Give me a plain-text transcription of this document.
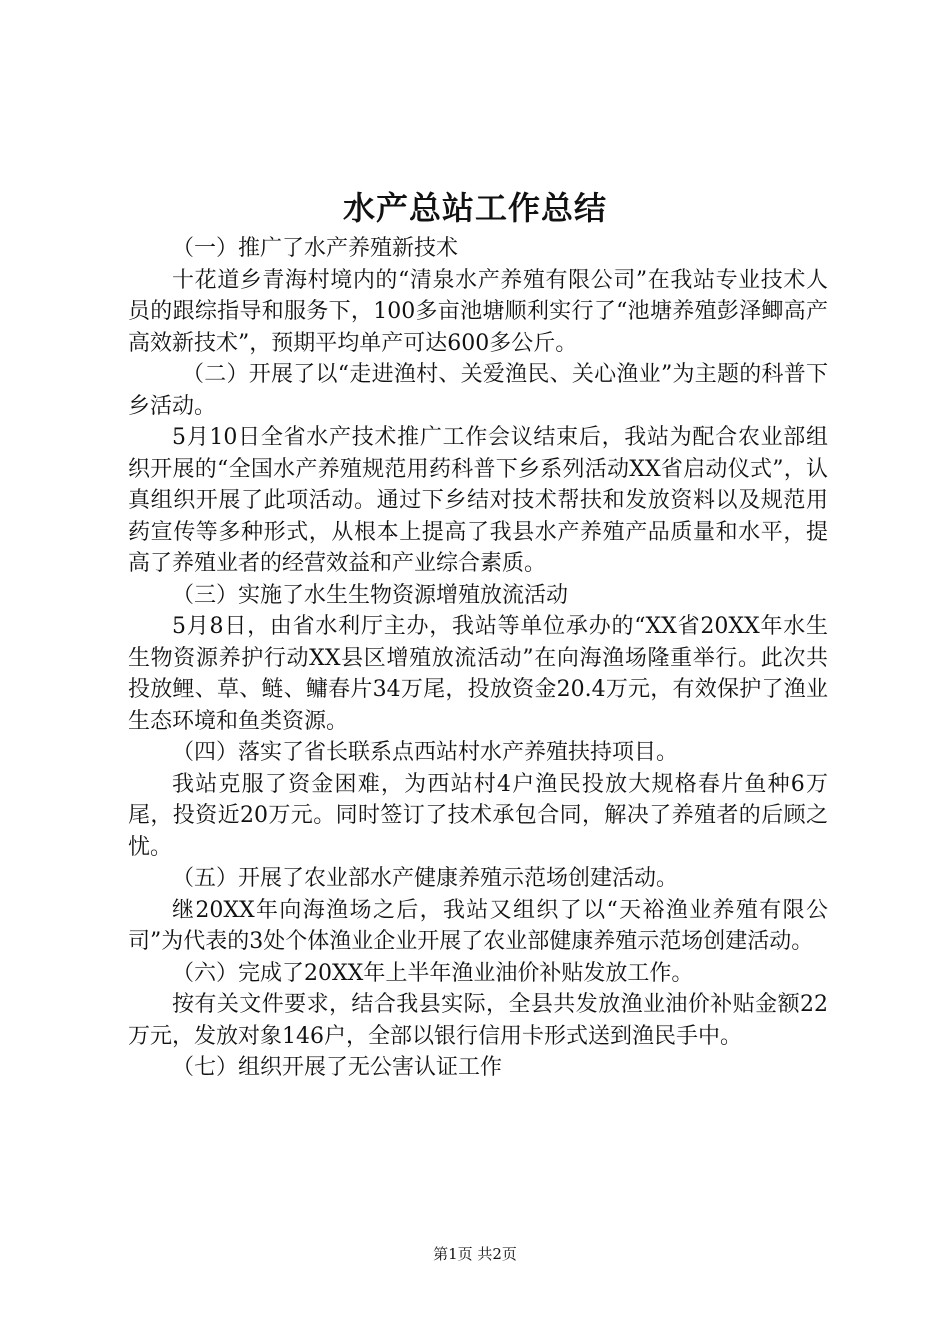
水产总站工作总结

（一）推广了水产养殖新技术

十花道乡青海村境内的“清泉水产养殖有限公司”在我站专业技术人员的跟综指导和服务下，100多亩池塘顺利实行了“池塘养殖彭泽鲫高产高效新技术”，预期平均单产可达600多公斤。

（二）开展了以“走进渔村、关爱渔民、关心渔业”为主题的科普下乡活动。

5月10日全省水产技术推广工作会议结束后，我站为配合农业部组织开展的“全国水产养殖规范用药科普下乡系列活动XX省启动仪式”，认真组织开展了此项活动。通过下乡结对技术帮扶和发放资料以及规范用药宣传等多种形式，从根本上提高了我县水产养殖产品质量和水平，提高了养殖业者的经营效益和产业综合素质。

（三）实施了水生生物资源增殖放流活动

5月8日，由省水利厅主办，我站等单位承办的“XX省20XX年水生生物资源养护行动XX县区增殖放流活动”在向海渔场隆重举行。此次共投放鲤、草、鲢、鳙春片34万尾，投放资金20.4万元，有效保护了渔业生态环境和鱼类资源。

（四）落实了省长联系点西站村水产养殖扶持项目。

我站克服了资金困难，为西站村4户渔民投放大规格春片鱼种6万尾，投资近20万元。同时签订了技术承包合同，解决了养殖者的后顾之忧。

（五）开展了农业部水产健康养殖示范场创建活动。

继20XX年向海渔场之后，我站又组织了以“天裕渔业养殖有限公司”为代表的3处个体渔业企业开展了农业部健康养殖示范场创建活动。

（六）完成了20XX年上半年渔业油价补贴发放工作。

按有关文件要求，结合我县实际，全县共发放渔业油价补贴金额22万元，发放对象146户，全部以银行信用卡形式送到渔民手中。

（七）组织开展了无公害认证工作

第1页 共2页
